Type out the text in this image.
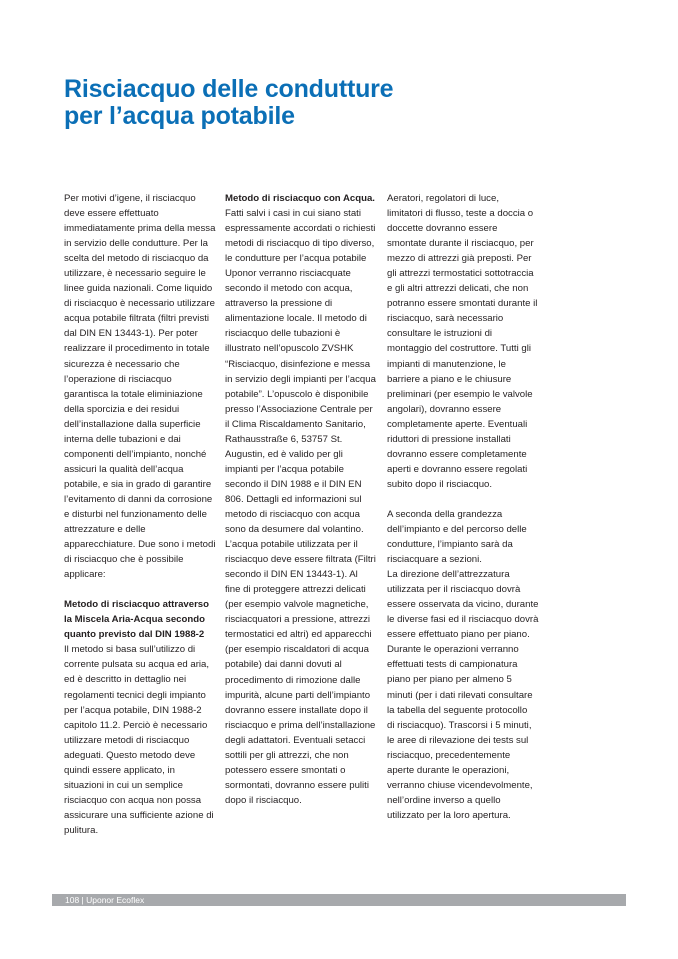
Risciacquo delle condutture
per l’acqua potabile

Per motivi d’igene, il risciacquo
deve essere effettuato
immediatamente prima della messa
in servizio delle condutture. Per la
scelta del metodo di risciacquo da
utilizzare, è necessario seguire le
linee guida nazionali. Come liquido
di risciacquo è necessario utilizzare
acqua potabile filtrata (filtri previsti
dal DIN EN 13443-1). Per poter
realizzare il procedimento in totale
sicurezza è necessario che
l’operazione di risciacquo
garantisca la totale eliminiazione
della sporcizia e dei residui
dell’installazione dalla superficie
interna delle tubazioni e dai
componenti dell’impianto, nonché
assicuri la qualità dell’acqua
potabile, e sia in grado di garantire
l’evitamento di danni da corrosione
e disturbi nel funzionamento delle
attrezzature e delle
apparecchiature. Due sono i metodi
di risciacquo che è possibile
applicare:

Metodo di risciacquo attraverso
la Miscela Aria-Acqua secondo
quanto previsto dal DIN 1988-2

Il metodo si basa sull’utilizzo di
corrente pulsata su acqua ed aria,
ed è descritto in dettaglio nei
regolamenti tecnici degli impianto
per l’acqua potabile, DIN 1988-2
capitolo 11.2. Perciò è necessario
utilizzare metodi di risciacquo
adeguati. Questo metodo deve
quindi essere applicato, in
situazioni in cui un semplice
risciacquo con acqua non possa
assicurare una sufficiente azione di
pulitura.

Metodo di risciacquo con Acqua.

Fatti salvi i casi in cui siano stati
espressamente accordati o richiesti
metodi di risciacquo di tipo diverso,
le condutture per l’acqua potabile
Uponor verranno risciacquate
secondo il metodo con acqua,
attraverso la pressione di
alimentazione locale. Il metodo di
risciacquo delle tubazioni è
illustrato nell’opuscolo ZVSHK
“Risciacquo, disinfezione e messa
in servizio degli impianti per l’acqua
potabile”. L’opuscolo è disponibile
presso l’Associazione Centrale per
il Clima Riscaldamento Sanitario,
Rathausstraße 6, 53757 St.
Augustin, ed è valido per gli
impianti per l’acqua potabile
secondo il DIN 1988 e il DIN EN
806. Dettagli ed informazioni sul
metodo di risciacquo con acqua
sono da desumere dal volantino.
L’acqua potabile utilizzata per il
risciacquo deve essere filtrata (Filtri
secondo il DIN EN 13443-1). Al
fine di proteggere attrezzi delicati
(per esempio valvole magnetiche,
risciacquatori a pressione, attrezzi
termostatici ed altri) ed apparecchi
(per esempio riscaldatori di acqua
potabile) dai danni dovuti al
procedimento di rimozione dalle
impurità, alcune parti dell’impianto
dovranno essere installate dopo il
risciacquo e prima dell’installazione
degli adattatori. Eventuali setacci
sottili per gli attrezzi, che non
potessero essere smontati o
sormontati, dovranno essere puliti
dopo il risciacquo.

Aeratori, regolatori di luce,
limitatori di flusso, teste a doccia o
doccette dovranno essere
smontate durante il risciacquo, per
mezzo di attrezzi già preposti. Per
gli attrezzi termostatici sottotraccia
e gli altri attrezzi delicati, che non
potranno essere smontati durante il
risciacquo, sarà necessario
consultare le istruzioni di
montaggio del costruttore. Tutti gli
impianti di manutenzione, le
barriere a piano e le chiusure
preliminari (per esempio le valvole
angolari), dovranno essere
completamente aperte. Eventuali
riduttori di pressione installati
dovranno essere completamente
aperti e dovranno essere regolati
subito dopo il risciacquo.

A seconda della grandezza
dell’impianto e del percorso delle
condutture, l’impianto sarà da
risciacquare a sezioni.
La direzione dell’attrezzatura
utilizzata per il risciacquo dovrà
essere osservata da vicino, durante
le diverse fasi ed il risciacquo dovrà
essere effettuato piano per piano.
Durante le operazioni verranno
effettuati tests di campionatura
piano per piano per almeno 5
minuti (per i dati rilevati consultare
la tabella del seguente protocollo
di risciacquo). Trascorsi i 5 minuti,
le aree di rilevazione dei tests sul
risciacquo, precedentemente
aperte durante le operazioni,
verranno chiuse vicendevolmente,
nell’ordine inverso a quello
utilizzato per la loro apertura.

108 | Uponor Ecoflex
